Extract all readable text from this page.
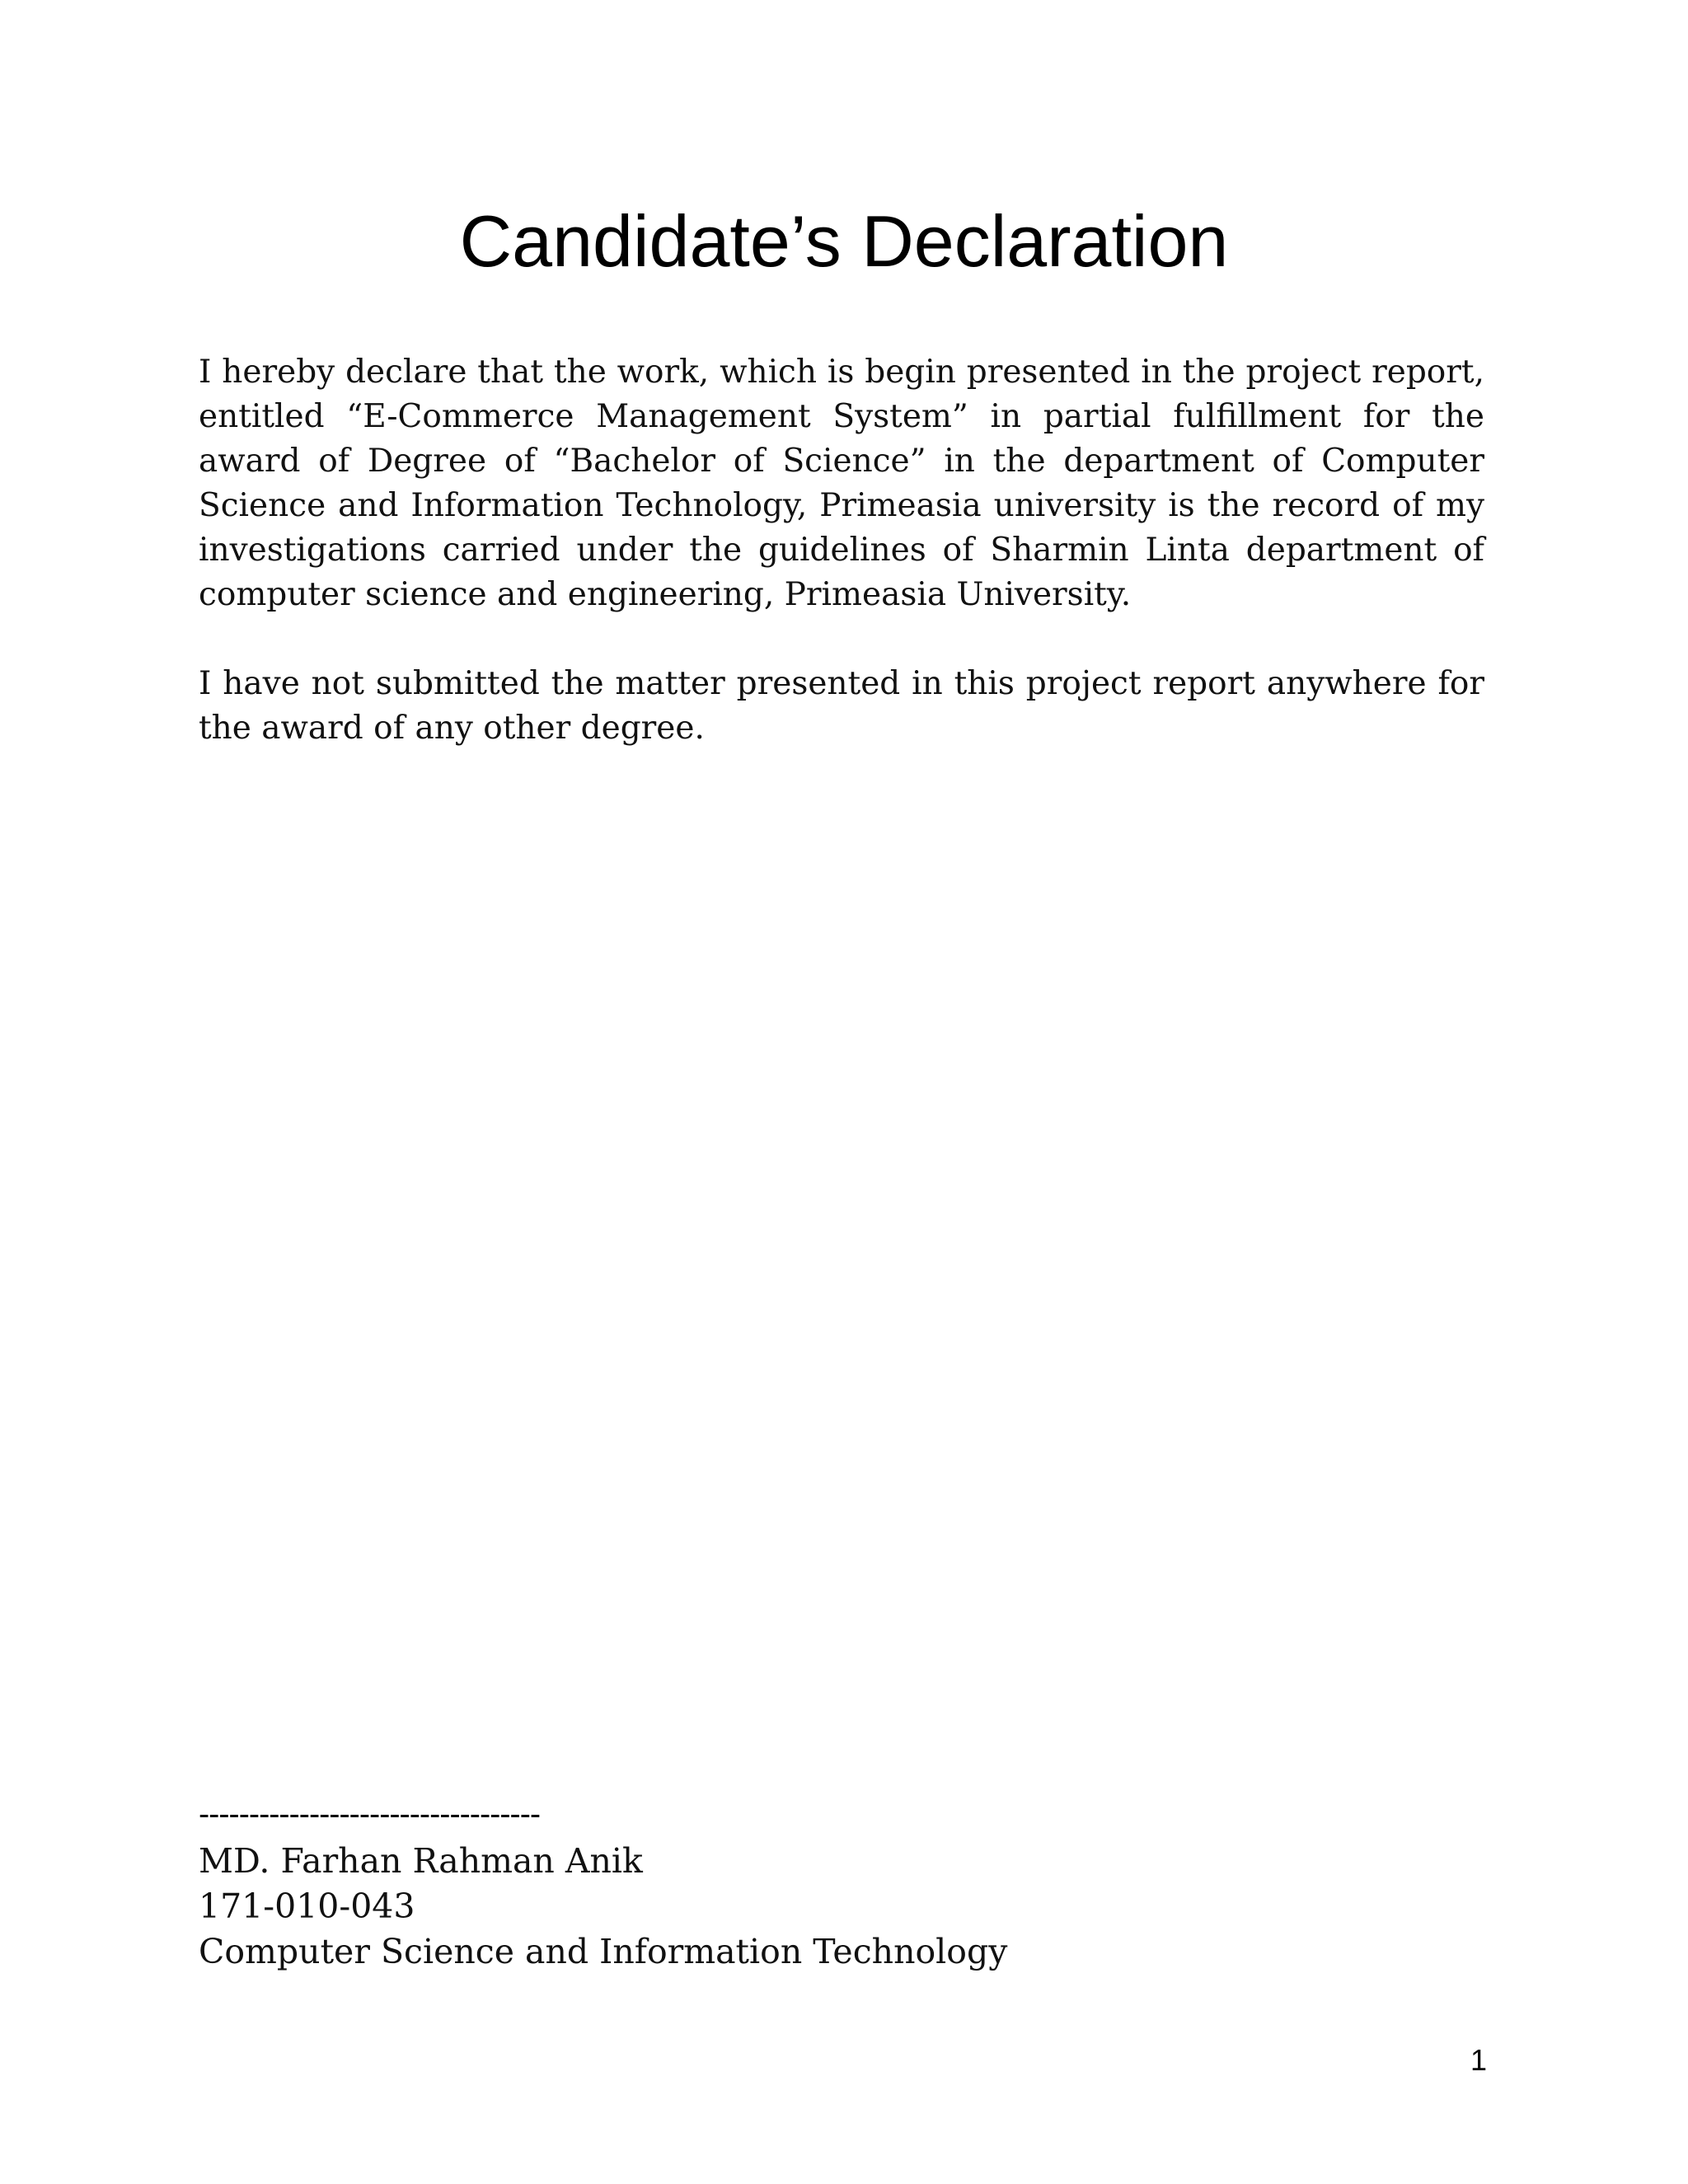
Candidate’s Declaration

I hereby declare that the work, which is begin presented in the project report, entitled “E-Commerce Management System” in partial fulfillment for the award of Degree of “Bachelor of Science” in the department of Computer Science and Information Technology, Primeasia university is the record of my investigations carried under the guidelines of Sharmin Linta department of computer science and engineering, Primeasia University.

I have not submitted the matter presented in this project report anywhere for the award of any other degree.

----------------------------------
MD. Farhan Rahman Anik
171-010-043
Computer Science and Information Technology
1
